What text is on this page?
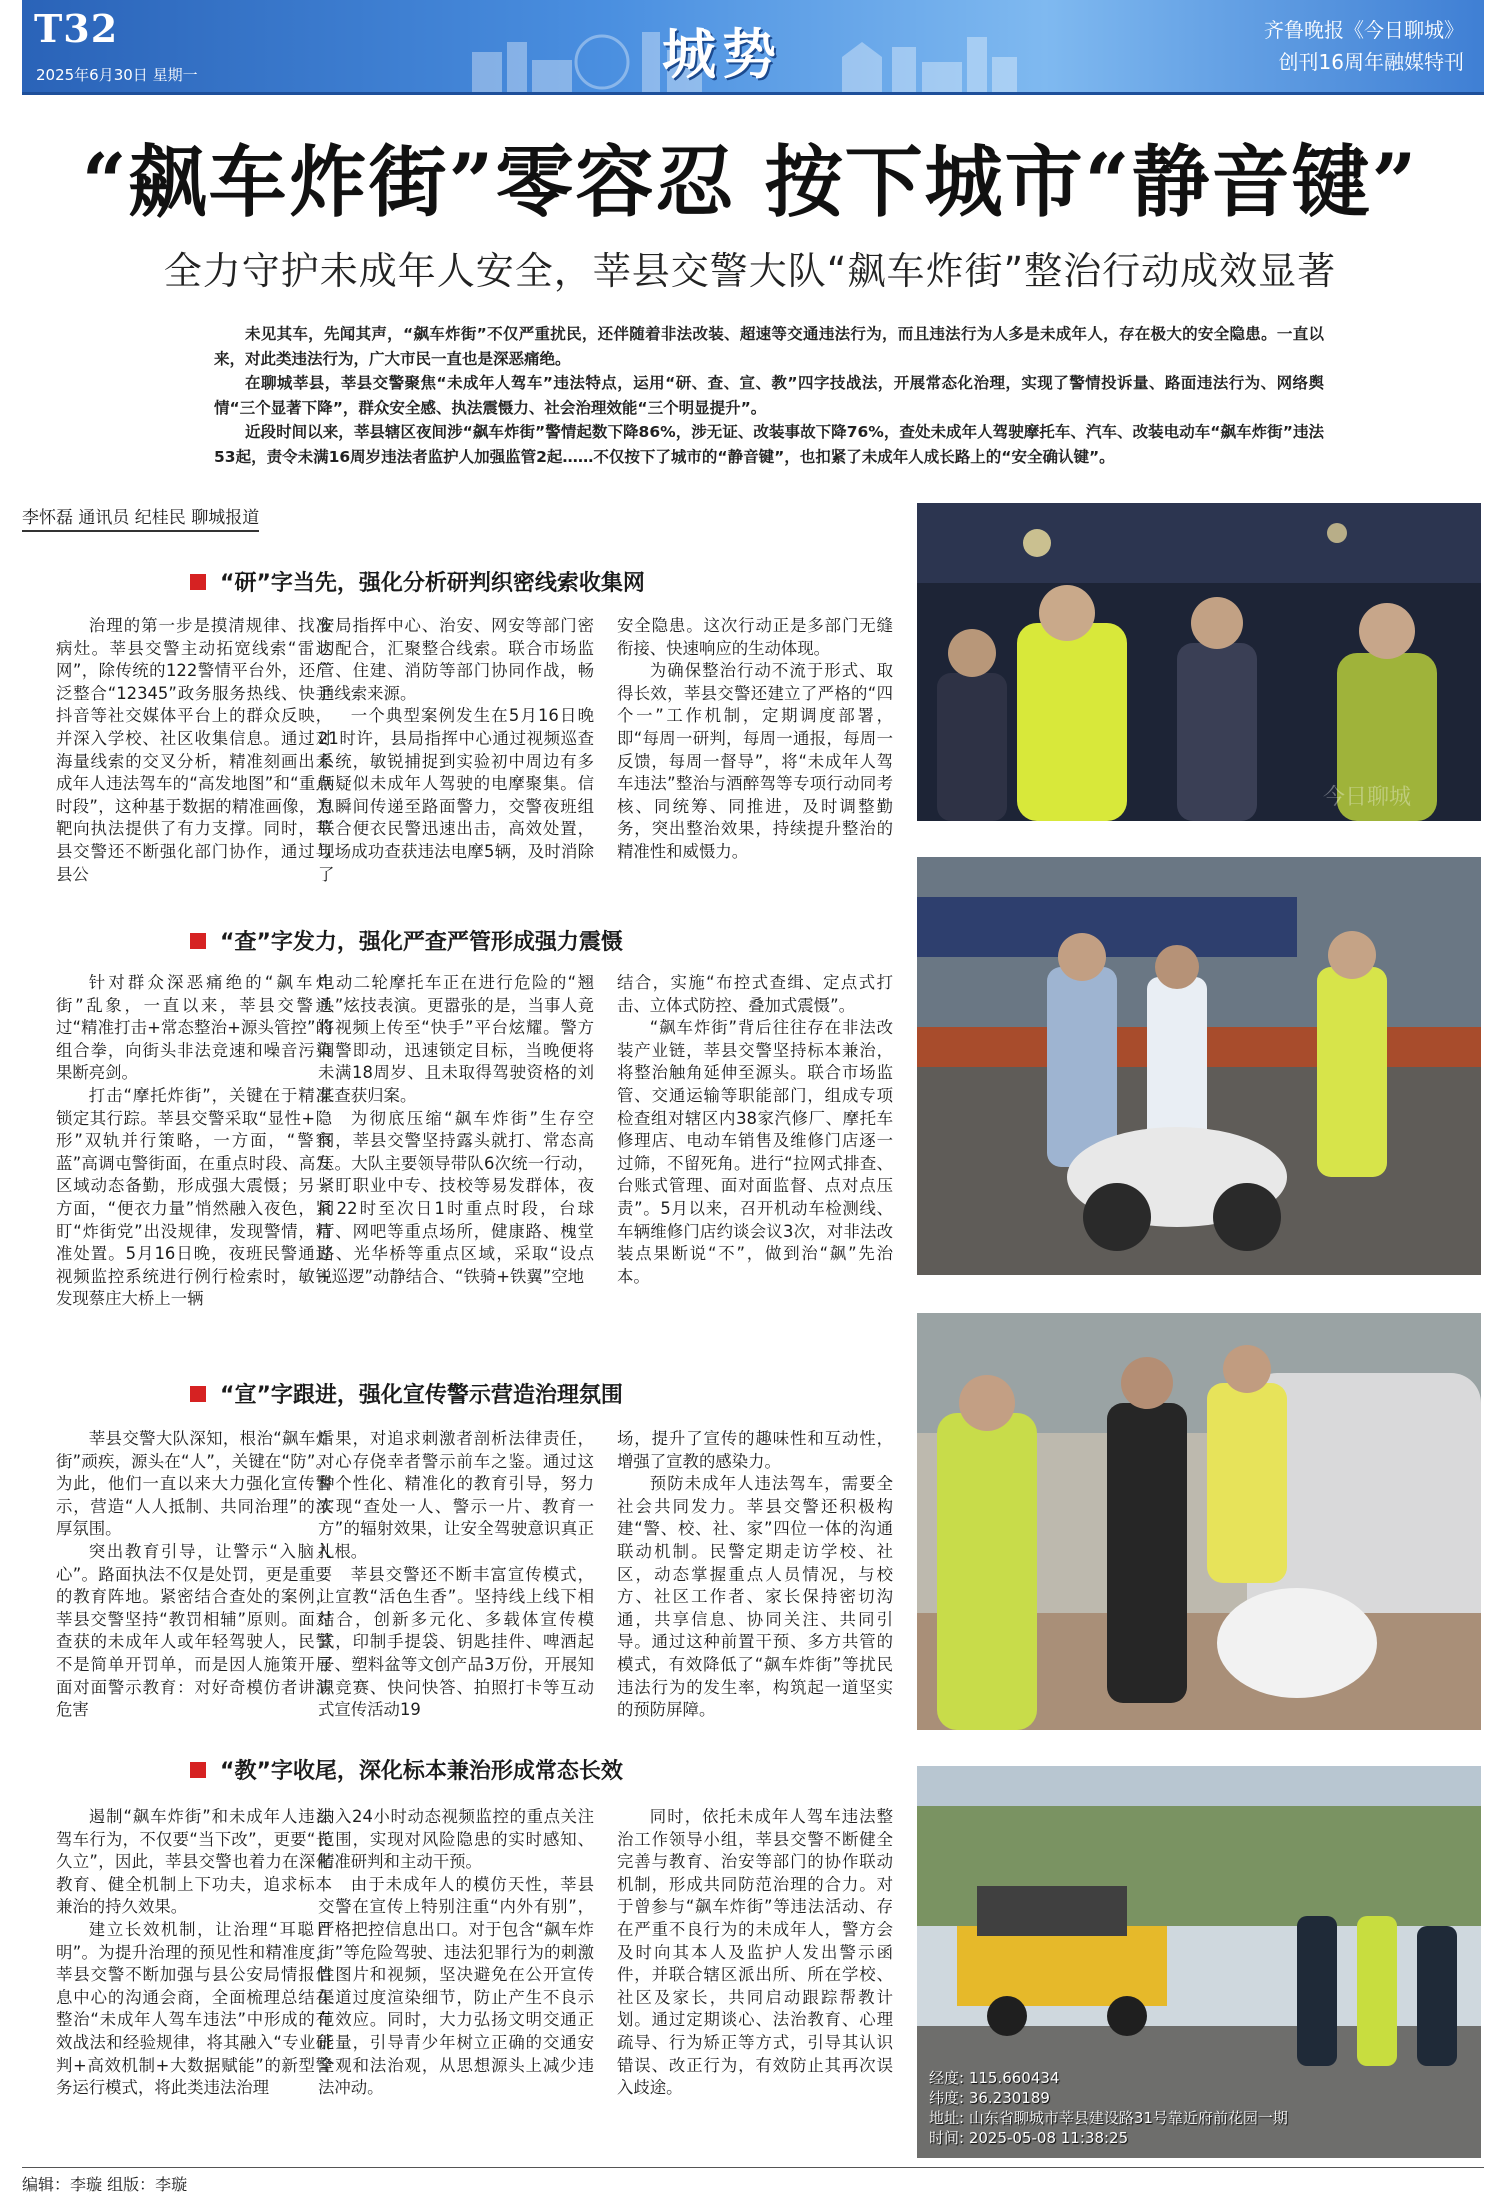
T32
2025年6月30日 星期一	城势	齐鲁晚报《今日聊城》
创刊16周年融媒特刊
“飙车炸街”零容忍 按下城市“静音键”
全力守护未成年人安全，莘县交警大队“飙车炸街”整治行动成效显著

未见其车，先闻其声，“飙车炸街”不仅严重扰民，还伴随着非法改装、超速等交通违法行为，而且违法行为人多是未成年人，存在极大的安全隐患。一直以来，对此类违法行为，广大市民一直也是深恶痛绝。

在聊城莘县，莘县交警聚焦“未成年人驾车”违法特点，运用“研、查、宣、教”四字技战法，开展常态化治理，实现了警情投诉量、路面违法行为、网络舆情“三个显著下降”，群众安全感、执法震慑力、社会治理效能“三个明显提升”。

近段时间以来，莘县辖区夜间涉“飙车炸街”警情起数下降86%，涉无证、改装事故下降76%，查处未成年人驾驶摩托车、汽车、改装电动车“飙车炸街”违法53起，责令未满16周岁违法者监护人加强监管2起……不仅按下了城市的“静音键”，也扣紧了未成年人成长路上的“安全确认键”。

李怀磊 通讯员 纪桂民 聊城报道
“研”字当先，强化分析研判织密线索收集网

治理的第一步是摸清规律、找准病灶。莘县交警主动拓宽线索“雷达网”，除传统的122警情平台外，还广泛整合“12345”政务服务热线、快手抖音等社交媒体平台上的群众反映，并深入学校、社区收集信息。通过对海量线索的交叉分析，精准刻画出未成年人违法驾车的“高发地图”和“重点时段”，这种基于数据的精准画像，为靶向执法提供了有力支撑。同时，莘县交警还不断强化部门协作，通过与县公

安局指挥中心、治安、网安等部门密切配合，汇聚整合线索。联合市场监管、住建、消防等部门协同作战，畅通线索来源。

一个典型案例发生在5月16日晚21时许，县局指挥中心通过视频巡查系统，敏锐捕捉到实验初中周边有多辆疑似未成年人驾驶的电摩聚集。信息瞬间传递至路面警力，交警夜班组联合便衣民警迅速出击，高效处置，现场成功查获违法电摩5辆，及时消除了

安全隐患。这次行动正是多部门无缝衔接、快速响应的生动体现。

为确保整治行动不流于形式、取得长效，莘县交警还建立了严格的“四个一”工作机制，定期调度部署，即“每周一研判，每周一通报，每周一反馈，每周一督导”，将“未成年人驾车违法”整治与酒醉驾等专项行动同考核、同统筹、同推进，及时调整勤务，突出整治效果，持续提升整治的精准性和威慑力。

“查”字发力，强化严查严管形成强力震慑

针对群众深恶痛绝的“飙车炸街”乱象，一直以来，莘县交警通过“精准打击+常态整治+源头管控”的组合拳，向街头非法竞速和噪音污染果断亮剑。

打击“摩托炸街”，关键在于精准锁定其行踪。莘县交警采取“显性+隐形”双轨并行策略，一方面，“警察蓝”高调屯警街面，在重点时段、高发区域动态备勤，形成强大震慑；另一方面，“便衣力量”悄然融入夜色，紧盯“炸街党”出没规律，发现警情，精准处置。5月16日晚，夜班民警通过视频监控系统进行例行检索时，敏锐发现蔡庄大桥上一辆

电动二轮摩托车正在进行危险的“翘头”炫技表演。更嚣张的是，当事人竟将视频上传至“快手”平台炫耀。警方闻警即动，迅速锁定目标，当晚便将未满18周岁、且未取得驾驶资格的刘某查获归案。

为彻底压缩“飙车炸街”生存空间，莘县交警坚持露头就打、常态高压。大队主要领导带队6次统一行动，紧盯职业中专、技校等易发群体，夜间22时至次日1时重点时段，台球厅、网吧等重点场所，健康路、槐堂路、光华桥等重点区域，采取“设点+巡逻”动静结合、“铁骑+铁翼”空地

结合，实施“布控式查缉、定点式打击、立体式防控、叠加式震慑”。

“飙车炸街”背后往往存在非法改装产业链，莘县交警坚持标本兼治，将整治触角延伸至源头。联合市场监管、交通运输等职能部门，组成专项检查组对辖区内38家汽修厂、摩托车修理店、电动车销售及维修门店逐一过筛，不留死角。进行“拉网式排查、台账式管理、面对面监督、点对点压责”。5月以来，召开机动车检测线、车辆维修门店约谈会议3次，对非法改装点果断说“不”，做到治“飙”先治本。

“宣”字跟进，强化宣传警示营造治理氛围

莘县交警大队深知，根治“飙车炸街”顽疾，源头在“人”，关键在“防”。为此，他们一直以来大力强化宣传警示，营造“人人抵制、共同治理”的浓厚氛围。

突出教育引导，让警示“入脑入心”。路面执法不仅是处罚，更是重要的教育阵地。紧密结合查处的案例，莘县交警坚持“教罚相辅”原则。面对查获的未成年人或年轻驾驶人，民警不是简单开罚单，而是因人施策开展面对面警示教育：对好奇模仿者讲清危害

后果，对追求刺激者剖析法律责任，对心存侥幸者警示前车之鉴。通过这种个性化、精准化的教育引导，努力实现“查处一人、警示一片、教育一方”的辐射效果，让安全驾驶意识真正扎根。

莘县交警还不断丰富宣传模式，让宣教“活色生香”。坚持线上线下相结合，创新多元化、多载体宣传模式，印制手提袋、钥匙挂件、啤酒起子、塑料盆等文创产品3万份，开展知识竞赛、快问快答、拍照打卡等互动式宣传活动19

场，提升了宣传的趣味性和互动性，增强了宣教的感染力。

预防未成年人违法驾车，需要全社会共同发力。莘县交警还积极构建“警、校、社、家”四位一体的沟通联动机制。民警定期走访学校、社区，动态掌握重点人员情况，与校方、社区工作者、家长保持密切沟通，共享信息、协同关注、共同引导。通过这种前置干预、多方共管的模式，有效降低了“飙车炸街”等扰民违法行为的发生率，构筑起一道坚实的预防屏障。

“教”字收尾，深化标本兼治形成常态长效

遏制“飙车炸街”和未成年人违法驾车行为，不仅要“当下改”，更要“长久立”，因此，莘县交警也着力在深化教育、健全机制上下功夫，追求标本兼治的持久效果。

建立长效机制，让治理“耳聪目明”。为提升治理的预见性和精准度，莘县交警不断加强与县公安局情报信息中心的沟通会商，全面梳理总结在整治“未成年人驾车违法”中形成的有效战法和经验规律，将其融入“专业研判+高效机制+大数据赋能”的新型警务运行模式，将此类违法治理

纳入24小时动态视频监控的重点关注范围，实现对风险隐患的实时感知、精准研判和主动干预。

由于未成年人的模仿天性，莘县交警在宣传上特别注重“内外有别”，严格把控信息出口。对于包含“飙车炸街”等危险驾驶、违法犯罪行为的刺激性图片和视频，坚决避免在公开宣传渠道过度渲染细节，防止产生不良示范效应。同时，大力弘扬文明交通正能量，引导青少年树立正确的交通安全观和法治观，从思想源头上减少违法冲动。

同时，依托未成年人驾车违法整治工作领导小组，莘县交警不断健全完善与教育、治安等部门的协作联动机制，形成共同防范治理的合力。对于曾参与“飙车炸街”等违法活动、存在严重不良行为的未成年人，警方会及时向其本人及监护人发出警示函件，并联合辖区派出所、所在学校、社区及家长，共同启动跟踪帮教计划。通过定期谈心、法治教育、心理疏导、行为矫正等方式，引导其认识错误、改正行为，有效防止其再次误入歧途。

今日聊城
经度: 115.660434
纬度: 36.230189
地址: 山东省聊城市莘县建设路31号靠近府前花园一期
时间: 2025-05-08 11:38:25
编辑：李璇 组版：李璇
